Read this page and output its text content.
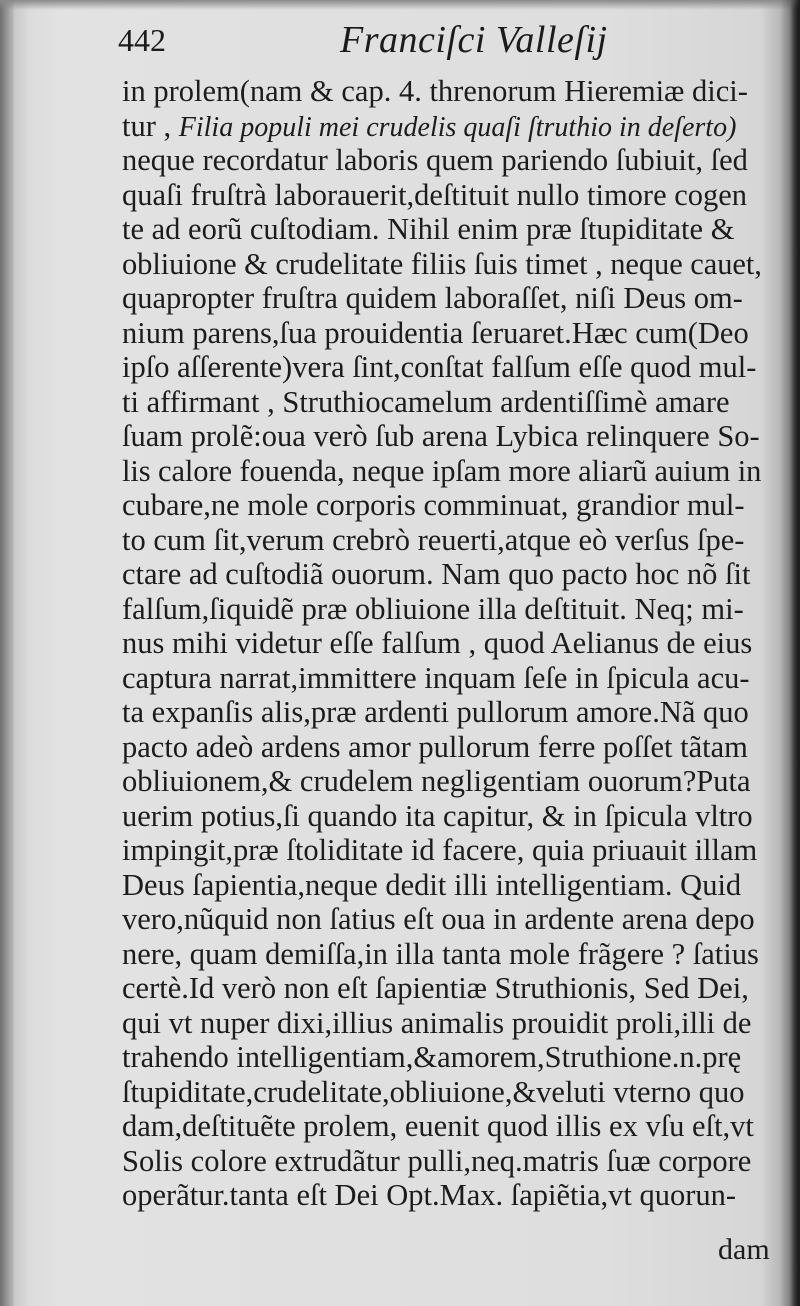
442	Franciſci Valleſij
in prolem(nam & cap. 4. threnorum Hieremiæ dici-
tur , Filia populi mei crudelis quaſi ſtruthio in deſerto)
neque recordatur laboris quem pariendo ſubiuit, ſed
quaſi fruſtrà laborauerit,deſtituit nullo timore cogen
te ad eorũ cuſtodiam. Nihil enim præ ſtupiditate &
obliuione & crudelitate filiis ſuis timet , neque cauet,
quapropter fruſtra quidem laboraſſet, niſi Deus om-
nium parens,ſua prouidentia ſeruaret.Hæc cum(Deo
ipſo aſſerente)vera ſint,conſtat falſum eſſe quod mul-
ti affirmant , Struthiocamelum ardentiſſimè amare
ſuam prolẽ:oua verò ſub arena Lybica relinquere So-
lis calore fouenda, neque ipſam more aliarũ auium in
cubare,ne mole corporis comminuat, grandior mul-
to cum ſit,verum crebrò reuerti,atque eò verſus ſpe-
ctare ad cuſtodiã ouorum. Nam quo pacto hoc nõ ſit
falſum,ſiquidẽ præ obliuione illa deſtituit. Neq; mi-
nus mihi videtur eſſe falſum , quod Aelianus de eius
captura narrat,immittere inquam ſeſe in ſpicula acu-
ta expanſis alis,præ ardenti pullorum amore.Nã quo
pacto adeò ardens amor pullorum ferre poſſet tãtam
obliuionem,& crudelem negligentiam ouorum?Puta
uerim potius,ſi quando ita capitur, & in ſpicula vltro
impingit,præ ſtoliditate id facere, quia priuauit illam
Deus ſapientia,neque dedit illi intelligentiam. Quid
vero,nũquid non ſatius eſt oua in ardente arena depo
nere, quam demiſſa,in illa tanta mole frãgere ? ſatius
certè.Id verò non eſt ſapientiæ Struthionis, Sed Dei,
qui vt nuper dixi,illius animalis prouidit proli,illi de
trahendo intelligentiam,&amorem,Struthione.n.prę
ſtupiditate,crudelitate,obliuione,&veluti vterno quo
dam,deſtituẽte prolem, euenit quod illis ex vſu eſt,vt
Solis colore extrudãtur pulli,neq.matris ſuæ corpore
operãtur.tanta eſt Dei Opt.Max. ſapiẽtia,vt quorun-
dam
